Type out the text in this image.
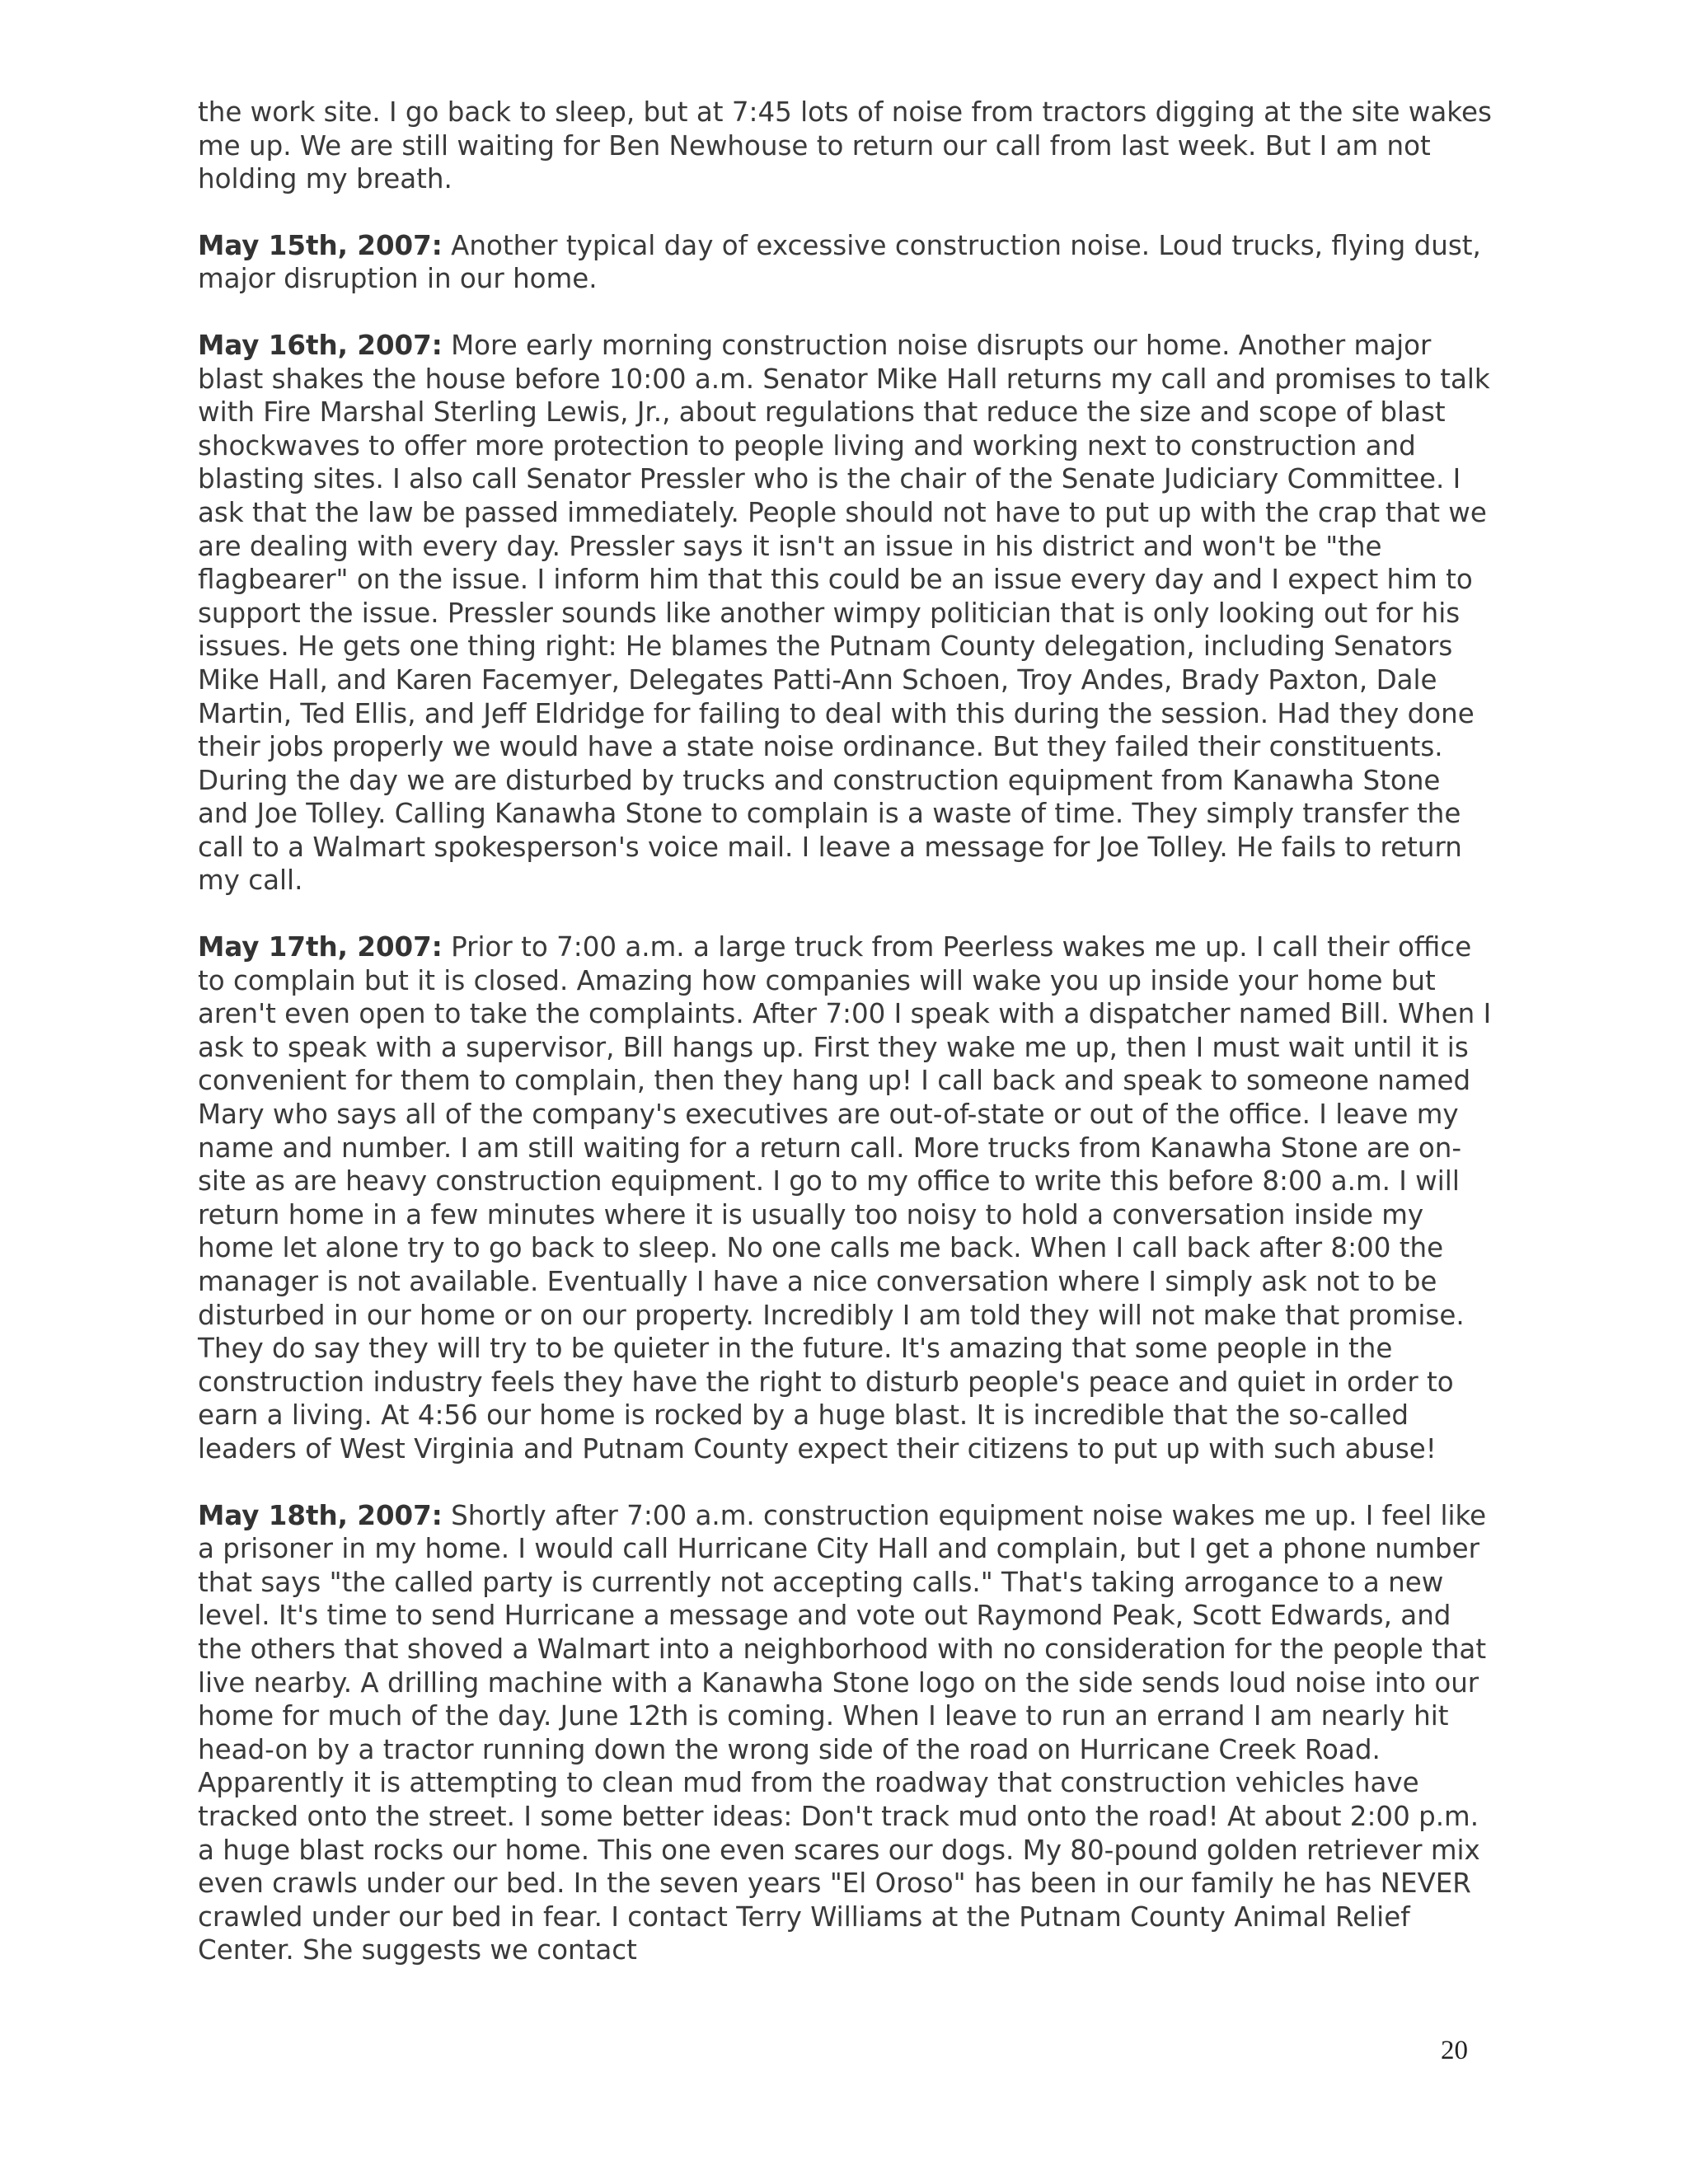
the work site. I go back to sleep, but at 7:45 lots of noise from tractors digging at the site wakes me up. We are still waiting for Ben Newhouse to return our call from last week. But I am not holding my breath.

May 15th, 2007: Another typical day of excessive construction noise. Loud trucks, flying dust, major disruption in our home.

May 16th, 2007: More early morning construction noise disrupts our home. Another major blast shakes the house before 10:00 a.m. Senator Mike Hall returns my call and promises to talk with Fire Marshal Sterling Lewis, Jr., about regulations that reduce the size and scope of blast shockwaves to offer more protection to people living and working next to construction and blasting sites. I also call Senator Pressler who is the chair of the Senate Judiciary Committee. I ask that the law be passed immediately. People should not have to put up with the crap that we are dealing with every day. Pressler says it isn't an issue in his district and won't be "the flagbearer" on the issue. I inform him that this could be an issue every day and I expect him to support the issue. Pressler sounds like another wimpy politician that is only looking out for his issues. He gets one thing right: He blames the Putnam County delegation, including Senators Mike Hall, and Karen Facemyer, Delegates Patti-Ann Schoen, Troy Andes, Brady Paxton, Dale Martin, Ted Ellis, and Jeff Eldridge for failing to deal with this during the session. Had they done their jobs properly we would have a state noise ordinance. But they failed their constituents. During the day we are disturbed by trucks and construction equipment from Kanawha Stone and Joe Tolley. Calling Kanawha Stone to complain is a waste of time. They simply transfer the call to a Walmart spokesperson's voice mail. I leave a message for Joe Tolley. He fails to return my call.

May 17th, 2007: Prior to 7:00 a.m. a large truck from Peerless wakes me up. I call their office to complain but it is closed. Amazing how companies will wake you up inside your home but aren't even open to take the complaints. After 7:00 I speak with a dispatcher named Bill. When I ask to speak with a supervisor, Bill hangs up. First they wake me up, then I must wait until it is convenient for them to complain, then they hang up! I call back and speak to someone named Mary who says all of the company's executives are out-of-state or out of the office. I leave my name and number. I am still waiting for a return call. More trucks from Kanawha Stone are on-site as are heavy construction equipment. I go to my office to write this before 8:00 a.m. I will return home in a few minutes where it is usually too noisy to hold a conversation inside my home let alone try to go back to sleep. No one calls me back. When I call back after 8:00 the manager is not available. Eventually I have a nice conversation where I simply ask not to be disturbed in our home or on our property. Incredibly I am told they will not make that promise. They do say they will try to be quieter in the future. It's amazing that some people in the construction industry feels they have the right to disturb people's peace and quiet in order to earn a living. At 4:56 our home is rocked by a huge blast. It is incredible that the so-called leaders of West Virginia and Putnam County expect their citizens to put up with such abuse!

May 18th, 2007: Shortly after 7:00 a.m. construction equipment noise wakes me up. I feel like a prisoner in my home. I would call Hurricane City Hall and complain, but I get a phone number that says "the called party is currently not accepting calls." That's taking arrogance to a new level. It's time to send Hurricane a message and vote out Raymond Peak, Scott Edwards, and the others that shoved a Walmart into a neighborhood with no consideration for the people that live nearby. A drilling machine with a Kanawha Stone logo on the side sends loud noise into our home for much of the day. June 12th is coming. When I leave to run an errand I am nearly hit head-on by a tractor running down the wrong side of the road on Hurricane Creek Road. Apparently it is attempting to clean mud from the roadway that construction vehicles have tracked onto the street. I some better ideas: Don't track mud onto the road! At about 2:00 p.m. a huge blast rocks our home. This one even scares our dogs. My 80-pound golden retriever mix even crawls under our bed. In the seven years "El Oroso" has been in our family he has NEVER crawled under our bed in fear. I contact Terry Williams at the Putnam County Animal Relief Center. She suggests we contact

20
